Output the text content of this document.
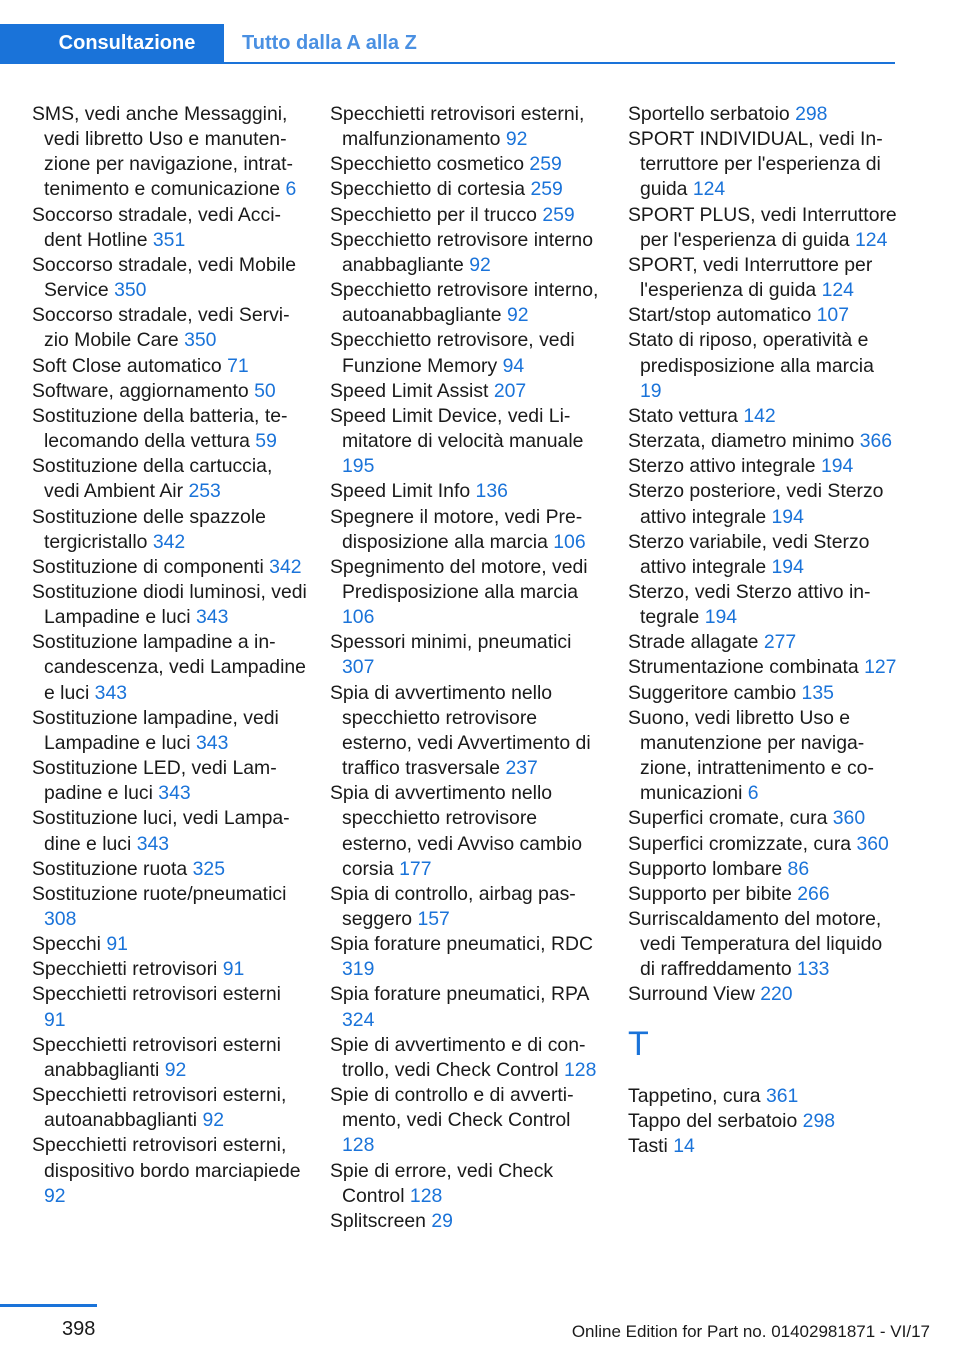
Consultazione Tutto dalla A alla Z

SMS, vedi anche Messaggini, vedi libretto Uso e manutenzione per navigazione, intrattenimento e comunicazione 6

Soccorso stradale, vedi Accident Hotline 351

Soccorso stradale, vedi Mobile Service 350

Soccorso stradale, vedi Servizio Mobile Care 350

Soft Close automatico 71

Software, aggiornamento 50

Sostituzione della batteria, telecomando della vettura 59

Sostituzione della cartuccia, vedi Ambient Air 253

Sostituzione delle spazzole tergicristallo 342

Sostituzione di componenti 342

Sostituzione diodi luminosi, vedi Lampadine e luci 343

Sostituzione lampadine a incandescenza, vedi Lampadine e luci 343

Sostituzione lampadine, vedi Lampadine e luci 343

Sostituzione LED, vedi Lampadine e luci 343

Sostituzione luci, vedi Lampadine e luci 343

Sostituzione ruota 325

Sostituzione ruote/pneumatici 308

Specchi 91

Specchietti retrovisori 91

Specchietti retrovisori esterni 91

Specchietti retrovisori esterni anabbaglianti 92

Specchietti retrovisori esterni, autoanabbaglianti 92

Specchietti retrovisori esterni, dispositivo bordo marciapiede 92

Specchietti retrovisori esterni, malfunzionamento 92

Specchietto cosmetico 259

Specchietto di cortesia 259

Specchietto per il trucco 259

Specchietto retrovisore interno anabbagliante 92

Specchietto retrovisore interno, autoanabbagliante 92

Specchietto retrovisore, vedi Funzione Memory 94

Speed Limit Assist 207

Speed Limit Device, vedi Limitatore di velocità manuale 195

Speed Limit Info 136

Spegnere il motore, vedi Predisposizione alla marcia 106

Spegnimento del motore, vedi Predisposizione alla marcia 106

Spessori minimi, pneumatici 307

Spia di avvertimento nello specchietto retrovisore esterno, vedi Avvertimento di traffico trasversale 237

Spia di avvertimento nello specchietto retrovisore esterno, vedi Avviso cambio corsia 177

Spia di controllo, airbag passeggero 157

Spia forature pneumatici, RDC 319

Spia forature pneumatici, RPA 324

Spie di avvertimento e di controllo, vedi Check Control 128

Spie di controllo e di avvertimento, vedi Check Control 128

Spie di errore, vedi Check Control 128

Splitscreen 29

Sportello serbatoio 298

SPORT INDIVIDUAL, vedi Interruttore per l'esperienza di guida 124

SPORT PLUS, vedi Interruttore per l'esperienza di guida 124

SPORT, vedi Interruttore per l'esperienza di guida 124

Start/stop automatico 107

Stato di riposo, operatività e predisposizione alla marcia 19

Stato vettura 142

Sterzata, diametro minimo 366

Sterzo attivo integrale 194

Sterzo posteriore, vedi Sterzo attivo integrale 194

Sterzo variabile, vedi Sterzo attivo integrale 194

Sterzo, vedi Sterzo attivo integrale 194

Strade allagate 277

Strumentazione combinata 127

Suggeritore cambio 135

Suono, vedi libretto Uso e manutenzione per navigazione, intrattenimento e comunicazioni 6

Superfici cromate, cura 360

Superfici cromizzate, cura 360

Supporto lombare 86

Supporto per bibite 266

Surriscaldamento del motore, vedi Temperatura del liquido di raffreddamento 133

Surround View 220

T

Tappetino, cura 361

Tappo del serbatoio 298

Tasti 14

398	Online Edition for Part no. 01402981871 - VI/17
